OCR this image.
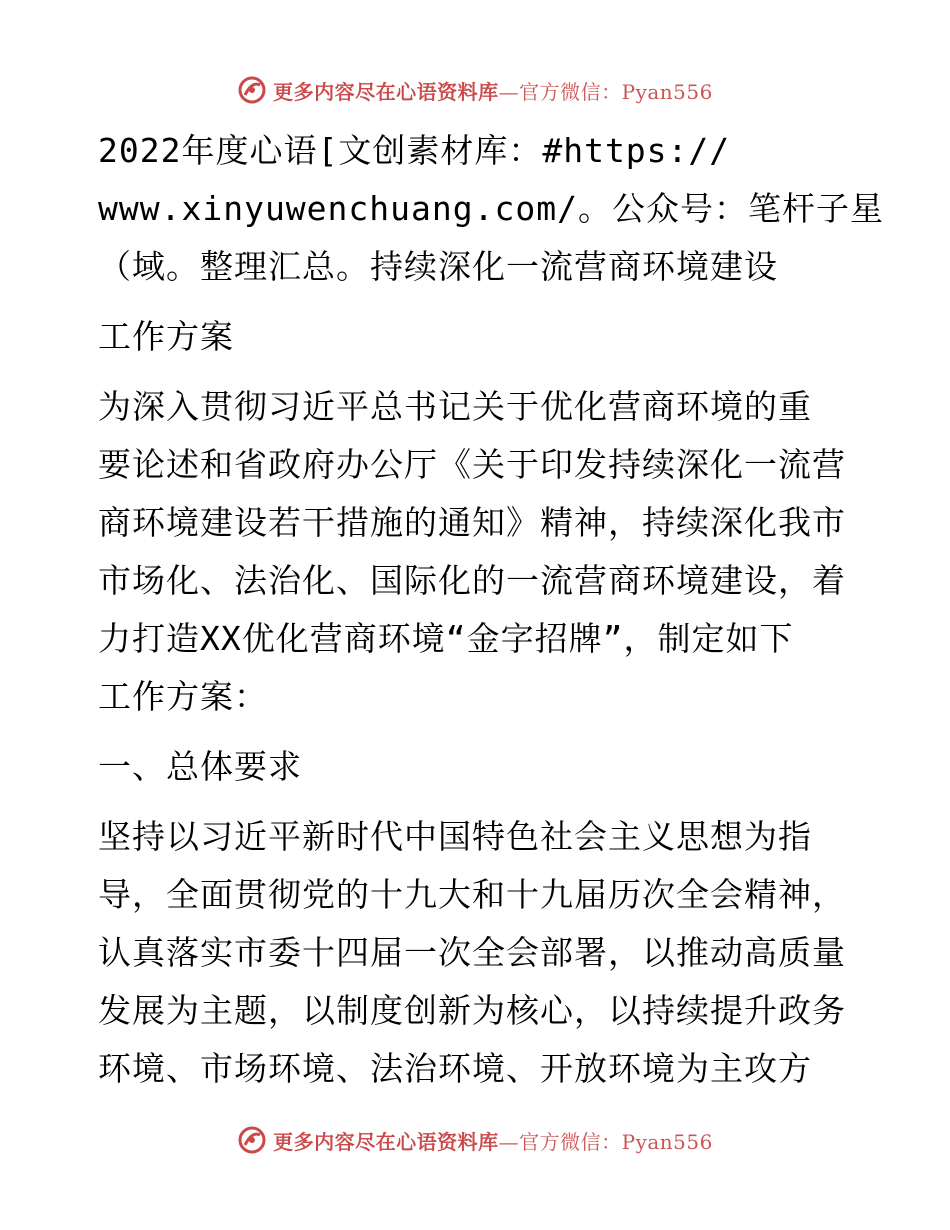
更多内容尽在心语资料库—官方微信：Pyan556
2022年度心语[文创素材库：#https://
www.xinyuwenchuang.com/。公众号：笔杆子星
（域。整理汇总。持续深化一流营商环境建设
工作方案
为深入贯彻习近平总书记关于优化营商环境的重
要论述和省政府办公厅《关于印发持续深化一流营
商环境建设若干措施的通知》精神，持续深化我市
市场化、法治化、国际化的一流营商环境建设，着
力打造XX优化营商环境“金字招牌”，制定如下
工作方案：
一、总体要求
坚持以习近平新时代中国特色社会主义思想为指
导，全面贯彻党的十九大和十九届历次全会精神，
认真落实市委十四届一次全会部署，以推动高质量
发展为主题，以制度创新为核心，以持续提升政务
环境、市场环境、法治环境、开放环境为主攻方
更多内容尽在心语资料库—官方微信：Pyan556
